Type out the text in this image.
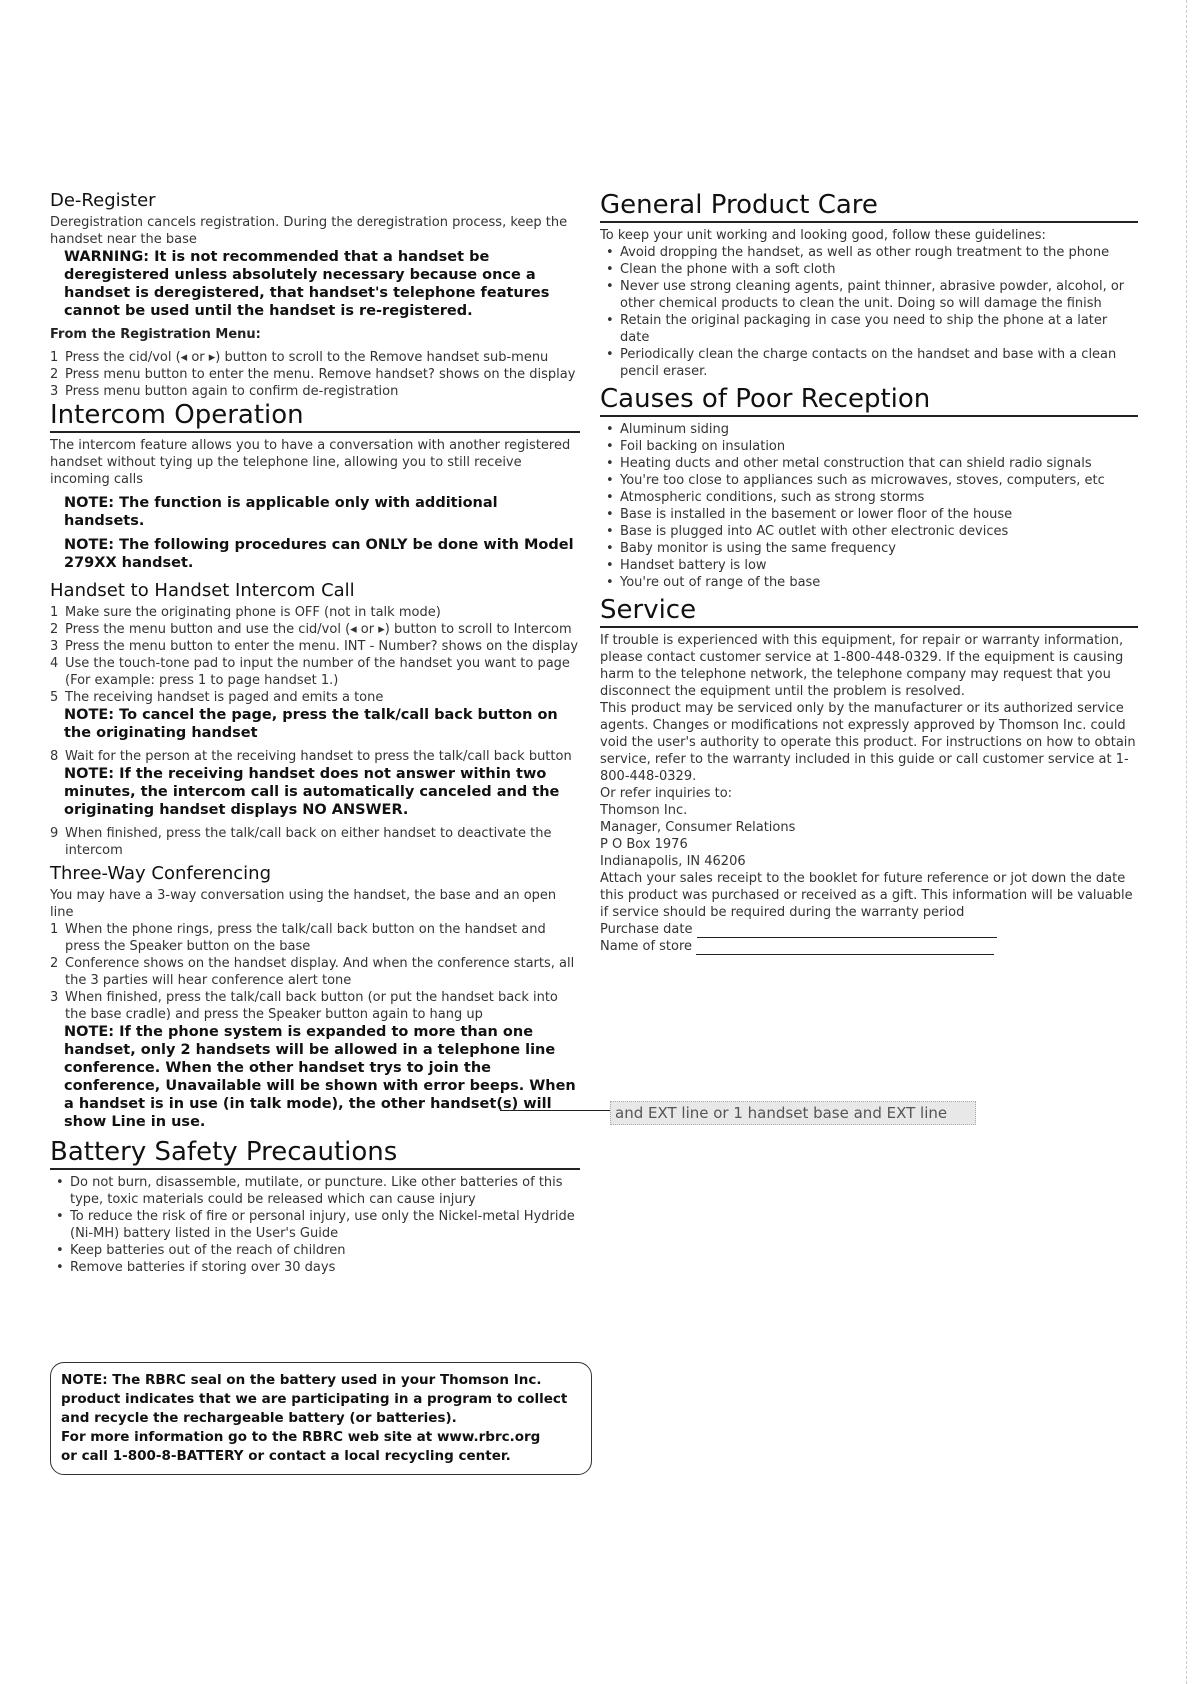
De-Register

Deregistration cancels registration. During the deregistration process, keep the handset near the base

WARNING: It is not recommended that a handset be deregistered unless absolutely necessary because once a handset is deregistered, that handset's telephone features cannot be used until the handset is re-registered.

From the Registration Menu:

1 Press the cid/vol (◂ or ▸) button to scroll to the Remove handset sub-menu
2 Press menu button to enter the menu. Remove handset? shows on the display
3 Press menu button again to confirm de-registration
Intercom Operation

The intercom feature allows you to have a conversation with another registered handset without tying up the telephone line, allowing you to still receive incoming calls

NOTE: The function is applicable only with additional handsets.

NOTE: The following procedures can ONLY be done with Model 279XX handset.

Handset to Handset Intercom Call
1 Make sure the originating phone is OFF (not in talk mode)
2 Press the menu button and use the cid/vol (◂ or ▸) button to scroll to Intercom
3 Press the menu button to enter the menu. INT - Number? shows on the display
4 Use the touch-tone pad to input the number of the handset you want to page (For example: press 1 to page handset 1.)
5 The receiving handset is paged and emits a tone

NOTE: To cancel the page, press the talk/call back button on the originating handset

8 Wait for the person at the receiving handset to press the talk/call back button

NOTE: If the receiving handset does not answer within two minutes, the intercom call is automatically canceled and the originating handset displays NO ANSWER.

9 When finished, press the talk/call back on either handset to deactivate the intercom
Three-Way Conferencing

You may have a 3-way conversation using the handset, the base and an open line

1 When the phone rings, press the talk/call back button on the handset and press the Speaker button on the base
2 Conference shows on the handset display. And when the conference starts, all the 3 parties will hear conference alert tone
3 When finished, press the talk/call back button (or put the handset back into the base cradle) and press the Speaker button again to hang up

NOTE: If the phone system is expanded to more than one handset, only 2 handsets will be allowed in a telephone line conference. When the other handset trys to join the conference, Unavailable will be shown with error beeps. When a handset is in use (in talk mode), the other handset(s) will show Line in use.

Battery Safety Precautions
• Do not burn, disassemble, mutilate, or puncture. Like other batteries of this type, toxic materials could be released which can cause injury
• To reduce the risk of fire or personal injury, use only the Nickel-metal Hydride (Ni-MH) battery listed in the User's Guide
• Keep batteries out of the reach of children
• Remove batteries if storing over 30 days

NOTE: The RBRC seal on the battery used in your Thomson Inc. product indicates that we are participating in a program to collect and recycle the rechargeable battery (or batteries).

For more information go to the RBRC web site at www.rbrc.org

or call 1-800-8-BATTERY or contact a local recycling center.

General Product Care

To keep your unit working and looking good, follow these guidelines:

• Avoid dropping the handset, as well as other rough treatment to the phone
• Clean the phone with a soft cloth
• Never use strong cleaning agents, paint thinner, abrasive powder, alcohol, or other chemical products to clean the unit. Doing so will damage the finish
• Retain the original packaging in case you need to ship the phone at a later date
• Periodically clean the charge contacts on the handset and base with a clean pencil eraser.
Causes of Poor Reception
• Aluminum siding
• Foil backing on insulation
• Heating ducts and other metal construction that can shield radio signals
• You're too close to appliances such as microwaves, stoves, computers, etc
• Atmospheric conditions, such as strong storms
• Base is installed in the basement or lower floor of the house
• Base is plugged into AC outlet with other electronic devices
• Baby monitor is using the same frequency
• Handset battery is low
• You're out of range of the base
Service

If trouble is experienced with this equipment, for repair or warranty information, please contact customer service at 1-800-448-0329. If the equipment is causing harm to the telephone network, the telephone company may request that you disconnect the equipment until the problem is resolved.

This product may be serviced only by the manufacturer or its authorized service agents. Changes or modifications not expressly approved by Thomson Inc. could void the user's authority to operate this product. For instructions on how to obtain service, refer to the warranty included in this guide or call customer service at 1-800-448-0329.

Or refer inquiries to:

Thomson Inc.

Manager, Consumer Relations

P O Box 1976

Indianapolis, IN 46206

Attach your sales receipt to the booklet for future reference or jot down the date this product was purchased or received as a gift. This information will be valuable if service should be required during the warranty period

Purchase date

Name of store

and EXT line or 1 handset base and EXT line
